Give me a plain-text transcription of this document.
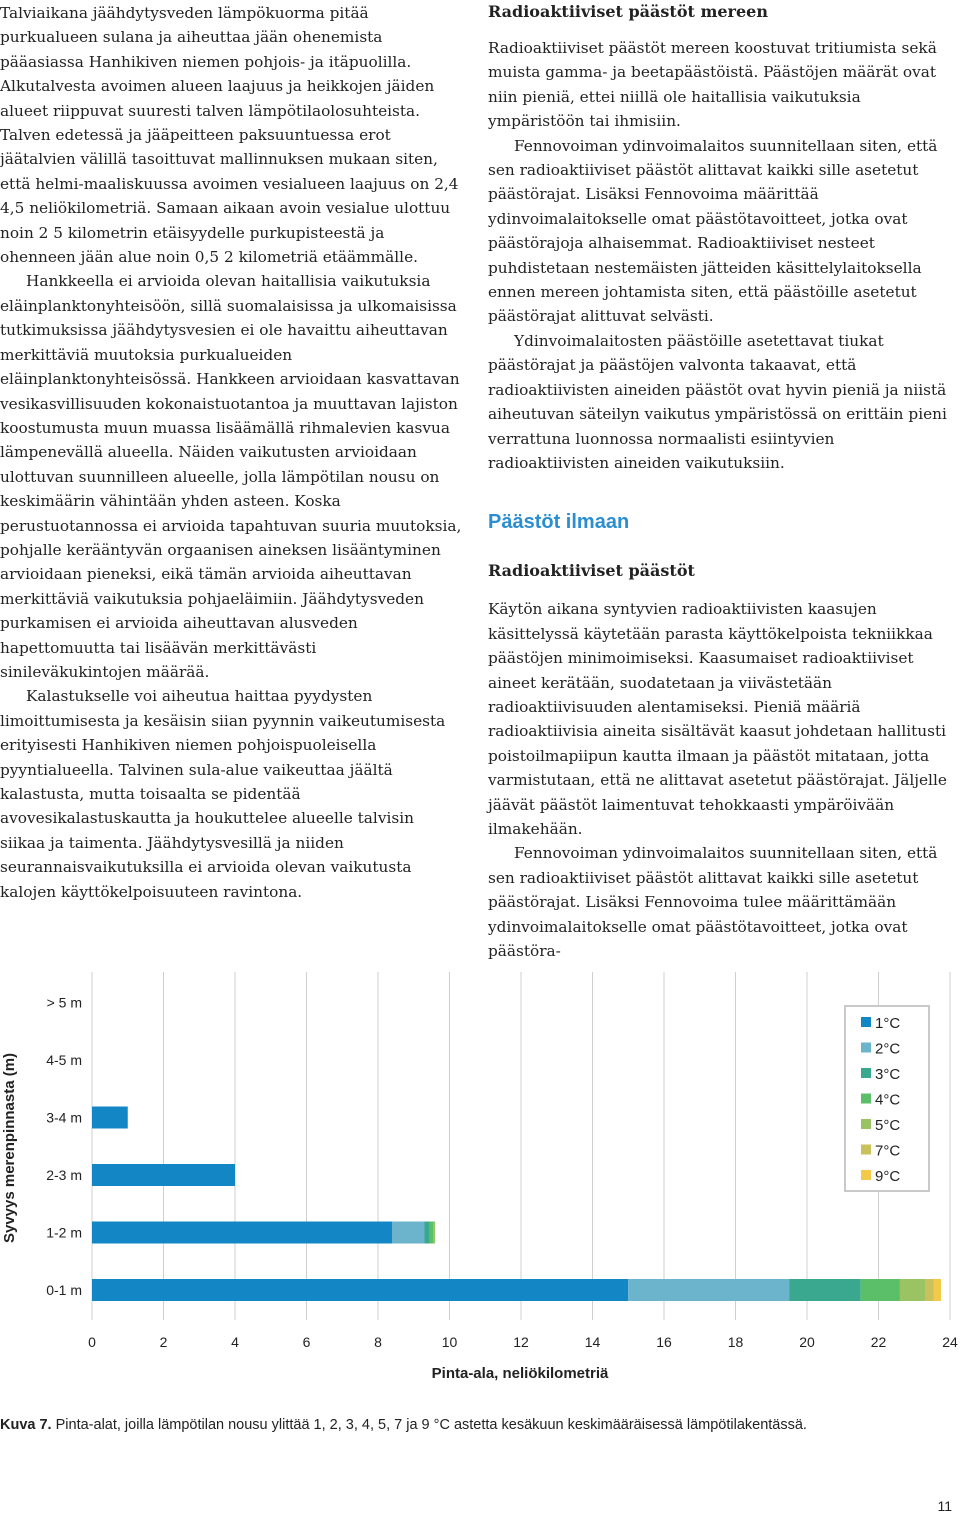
Talviaikana jäähdytysveden lämpökuorma pitää purkualueen sulana ja aiheuttaa jään ohenemista pääasiassa Hanhikiven niemen pohjois- ja itäpuolilla. Alkutalvesta avoimen alueen laajuus ja heikkojen jäiden alueet riippuvat suuresti talven lämpötilaolosuhteista. Talven edetessä ja jääpeitteen paksuuntuessa erot jäätalvien välillä tasoittuvat mallinnuksen mukaan siten, että helmi-maaliskuussa avoimen vesialueen laajuus on 2,4 4,5 neliökilometriä. Samaan aikaan avoin vesialue ulottuu noin 2 5 kilometrin etäisyydelle purkupisteestä ja ohenneen jään alue noin 0,5 2 kilometriä etäämmälle.

Hankkeella ei arvioida olevan haitallisia vaikutuksia eläinplanktonyhteisöön, sillä suomalaisissa ja ulkomaisissa tutkimuksissa jäähdytysvesien ei ole havaittu aiheuttavan merkittäviä muutoksia purkualueiden eläinplanktonyhteisössä. Hankkeen arvioidaan kasvattavan vesikasvillisuuden kokonaistuotantoa ja muuttavan lajiston koostumusta muun muassa lisäämällä rihmalevien kasvua lämpenevällä alueella. Näiden vaikutusten arvioidaan ulottuvan suunnilleen alueelle, jolla lämpötilan nousu on keskimäärin vähintään yhden asteen. Koska perustuotannossa ei arvioida tapahtuvan suuria muutoksia, pohjalle kerääntyvän orgaanisen aineksen lisääntyminen arvioidaan pieneksi, eikä tämän arvioida aiheuttavan merkittäviä vaikutuksia pohjaeläimiin. Jäähdytysveden purkamisen ei arvioida aiheuttavan alusveden hapettomuutta tai lisäävän merkittävästi sinileväkukintojen määrää.

Kalastukselle voi aiheutua haittaa pyydysten limoittumisesta ja kesäisin siian pyynnin vaikeutumisesta erityisesti Hanhikiven niemen pohjoispuoleisella pyyntialueella. Talvinen sula-alue vaikeuttaa jäältä kalastusta, mutta toisaalta se pidentää avovesikalastuskautta ja houkuttelee alueelle talvisin siikaa ja taimenta. Jäähdytysvesillä ja niiden seurannaisvaikutuksilla ei arvioida olevan vaikutusta kalojen käyttökelpoisuuteen ravintona.

Radioaktiiviset päästöt mereen

Radioaktiiviset päästöt mereen koostuvat tritiumista sekä muista gamma- ja beetapäästöistä. Päästöjen määrät ovat niin pieniä, ettei niillä ole haitallisia vaikutuksia ympäristöön tai ihmisiin.

Fennovoiman ydinvoimalaitos suunnitellaan siten, että sen radioaktiiviset päästöt alittavat kaikki sille asetetut päästörajat. Lisäksi Fennovoima määrittää ydinvoimalaitokselle omat päästötavoitteet, jotka ovat päästörajoja alhaisemmat. Radioaktiiviset nesteet puhdistetaan nestemäisten jätteiden käsittelylaitoksella ennen mereen johtamista siten, että päästöille asetetut päästörajat alittuvat selvästi.

Ydinvoimalaitosten päästöille asetettavat tiukat päästörajat ja päästöjen valvonta takaavat, että radioaktiivisten aineiden päästöt ovat hyvin pieniä ja niistä aiheutuvan säteilyn vaikutus ympäristössä on erittäin pieni verrattuna luonnossa normaalisti esiintyvien radioaktiivisten aineiden vaikutuksiin.

Päästöt ilmaan
Radioaktiiviset päästöt

Käytön aikana syntyvien radioaktiivisten kaasujen käsittelyssä käytetään parasta käyttökelpoista tekniikkaa päästöjen minimoimiseksi. Kaasumaiset radioaktiiviset aineet kerätään, suodatetaan ja viivästetään radioaktiivisuuden alentamiseksi. Pieniä määriä radioaktiivisia aineita sisältävät kaasut johdetaan hallitusti poistoilmapiipun kautta ilmaan ja päästöt mitataan, jotta varmistutaan, että ne alittavat asetetut päästörajat. Jäljelle jäävät päästöt laimentuvat tehokkaasti ympäröivään ilmakehään.

Fennovoiman ydinvoimalaitos suunnitellaan siten, että sen radioaktiiviset päästöt alittavat kaikki sille asetetut päästörajat. Lisäksi Fennovoima tulee määrittämään ydinvoimalaitokselle omat päästötavoitteet, jotka ovat päästöra-

0	2	4	6	8	10	12	14	16	18	20	22	24
0-1 m
1-2 m
2-3 m
3-4 m
4-5 m
> 5 m
Pinta-ala, neliökilometriä
Syvyys merenpinnasta (m)
1°C
2°C
3°C
4°C
5°C
7°C
9°C
Kuva 7. Pinta-alat, joilla lämpötilan nousu ylittää 1, 2, 3, 4, 5, 7 ja 9 °C astetta kesäkuun keskimääräisessä lämpötilakentässä.
11
